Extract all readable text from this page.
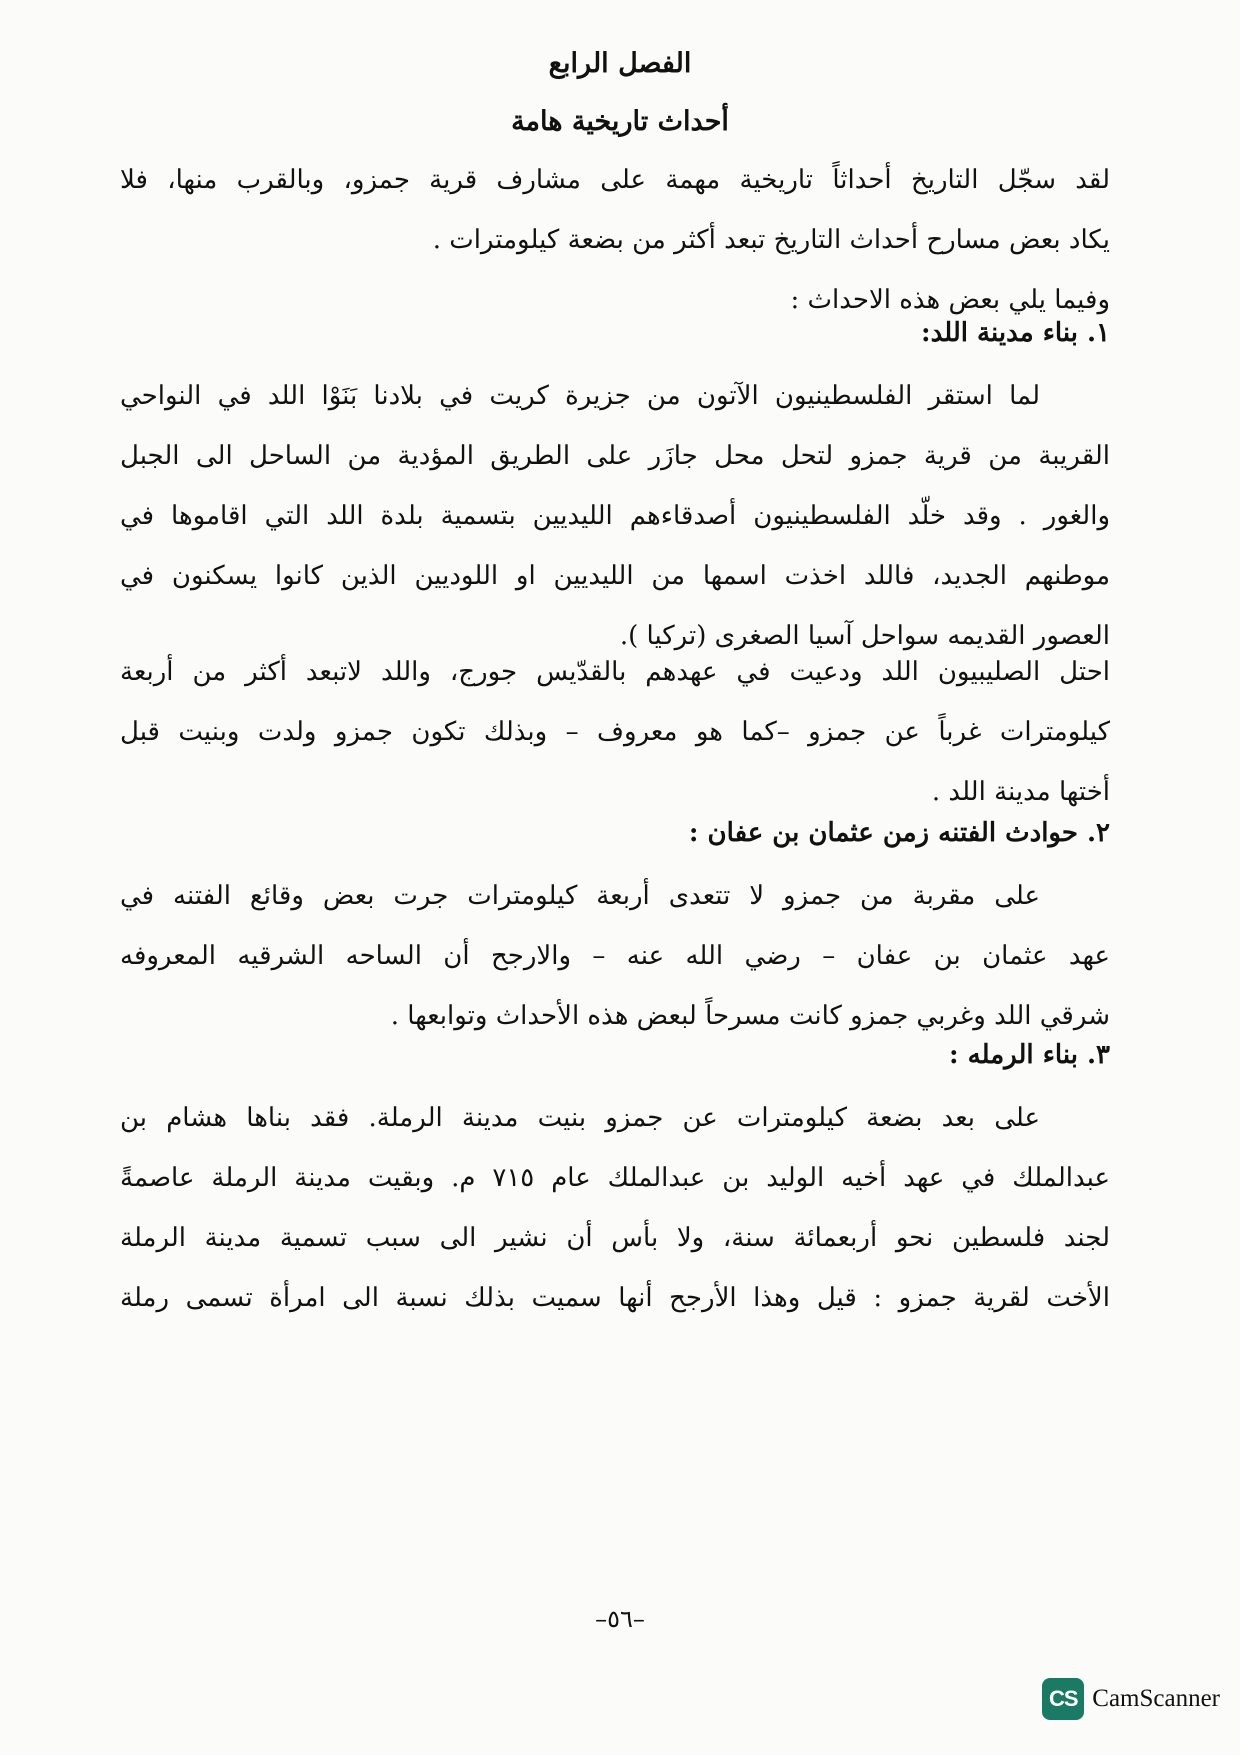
الفصل الرابع
أحداث تاريخية هامة
لقد سجّل التاريخ أحداثاً تاريخية مهمة على مشارف قرية جمزو، وبالقرب منها، فلا
يكاد بعض مسارح أحداث التاريخ تبعد أكثر من بضعة كيلومترات .
وفيما يلي بعض هذه الاحداث :
١. بناء مدينة اللد:
لما استقر الفلسطينيون الآتون من جزيرة كريت في بلادنا بَنَوْا اللد في النواحي
القريبة من قرية جمزو لتحل محل جازَر على الطريق المؤدية من الساحل الى الجبل
والغور . وقد خلّد الفلسطينيون أصدقاءهم الليديين بتسمية بلدة اللد التي اقاموها في
موطنهم الجديد، فاللد اخذت اسمها من الليديين او اللوديين الذين كانوا يسكنون في
العصور القديمه سواحل آسيا الصغرى (تركيا ).
احتل الصليبيون اللد ودعيت في عهدهم بالقدّيس جورج، واللد لاتبعد أكثر من أربعة
كيلومترات غرباً عن جمزو –كما هو معروف – وبذلك تكون جمزو ولدت وبنيت قبل
أختها مدينة اللد .
٢. حوادث الفتنه زمن عثمان بن عفان :
على مقربة من جمزو لا تتعدى أربعة كيلومترات جرت بعض وقائع الفتنه في
عهد عثمان بن عفان – رضي الله عنه – والارجح أن الساحه الشرقيه المعروفه
شرقي اللد وغربي جمزو كانت مسرحاً لبعض هذه الأحداث وتوابعها .
٣. بناء الرمله :
على بعد بضعة كيلومترات عن جمزو بنيت مدينة الرملة. فقد بناها هشام بن
عبدالملك في عهد أخيه الوليد بن عبدالملك عام ٧١٥ م. وبقيت مدينة الرملة عاصمةً
لجند فلسطين نحو أربعمائة سنة، ولا بأس أن نشير الى سبب تسمية مدينة الرملة
الأخت لقرية جمزو : قيل وهذا الأرجح أنها سميت بذلك نسبة الى امرأة تسمى رملة
–٥٦–
CS CamScanner
